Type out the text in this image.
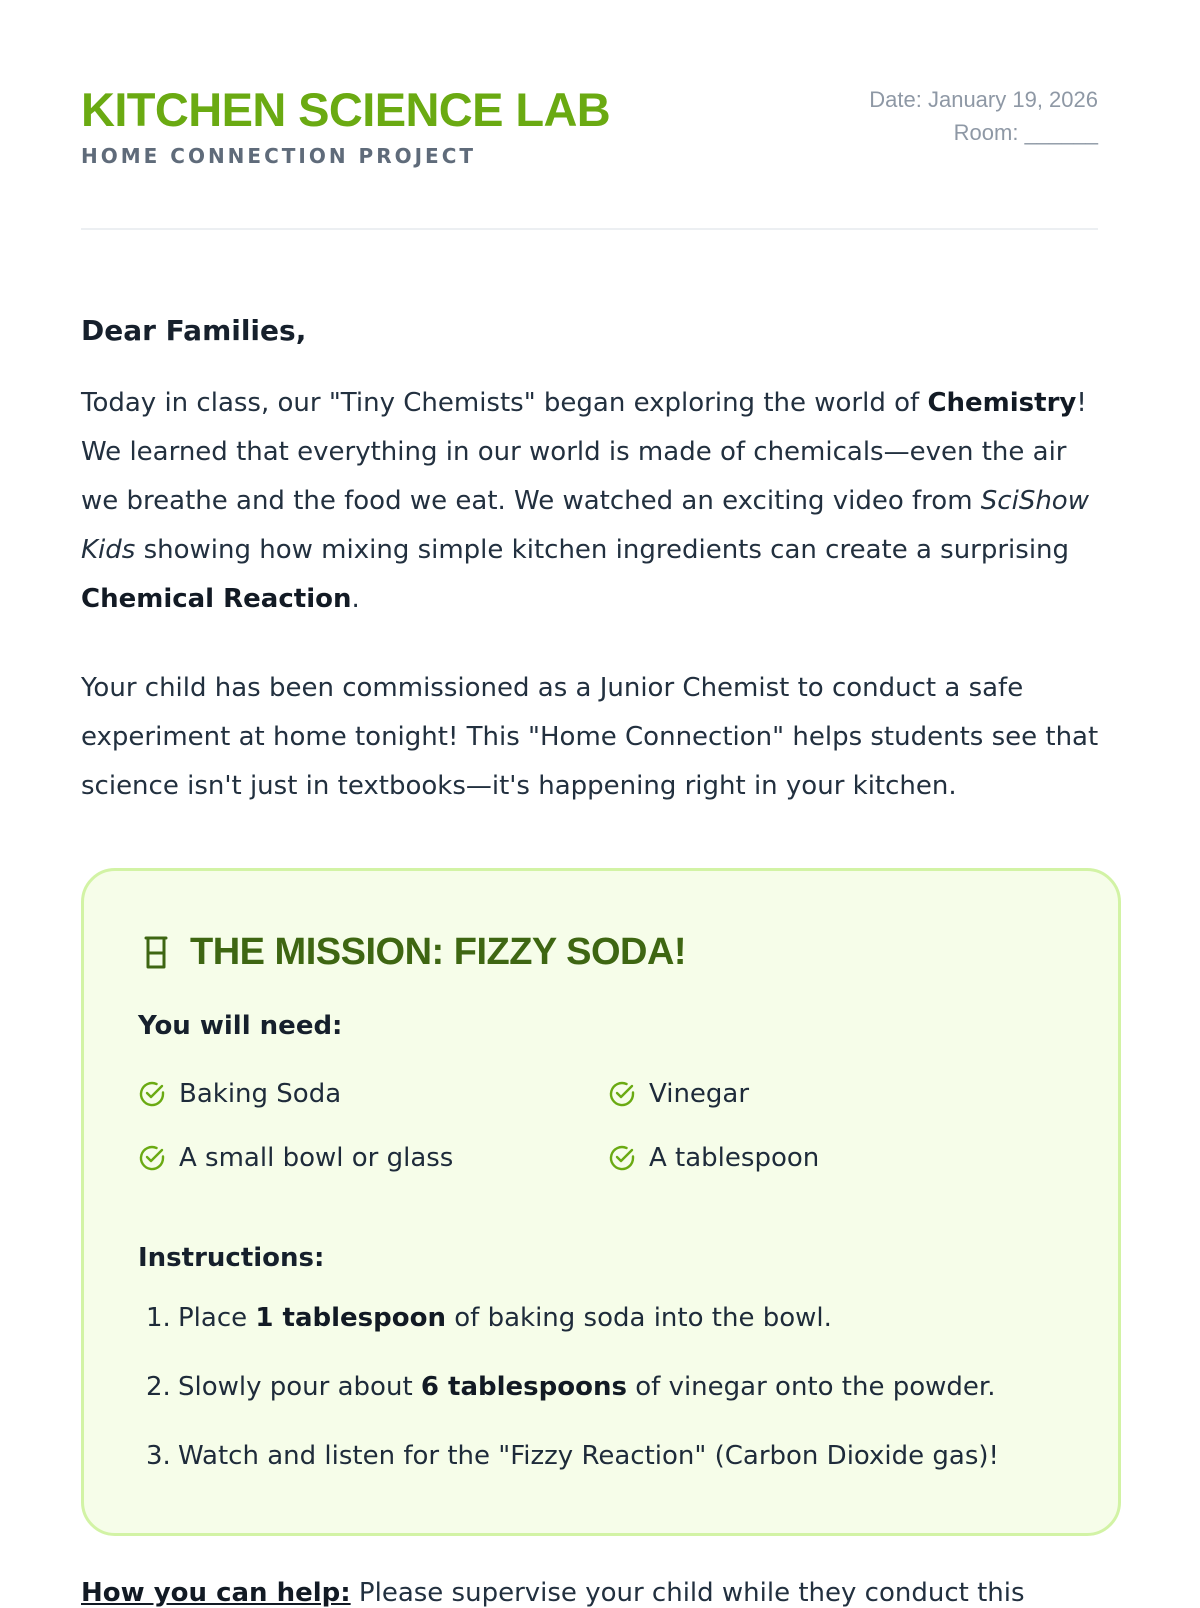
KITCHEN SCIENCE LAB
HOME CONNECTION PROJECT
Date: January 19, 2026
Room: ______
Dear Families,

Today in class, our "Tiny Chemists" began exploring the world of Chemistry! We learned that everything in our world is made of chemicals—even the air we breathe and the food we eat. We watched an exciting video from SciShow Kids showing how mixing simple kitchen ingredients can create a surprising Chemical Reaction.

Your child has been commissioned as a Junior Chemist to conduct a safe experiment at home tonight! This "Home Connection" helps students see that science isn't just in textbooks—it's happening right in your kitchen.

THE MISSION: FIZZY SODA!
You will need:
Baking Soda	Vinegar
A small bowl or glass	A tablespoon
Instructions:
1. Place 1 tablespoon of baking soda into the bowl.
2. Slowly pour about 6 tablespoons of vinegar onto the powder.
3. Watch and listen for the "Fizzy Reaction" (Carbon Dioxide gas)!
How you can help: Please supervise your child while they conduct this
